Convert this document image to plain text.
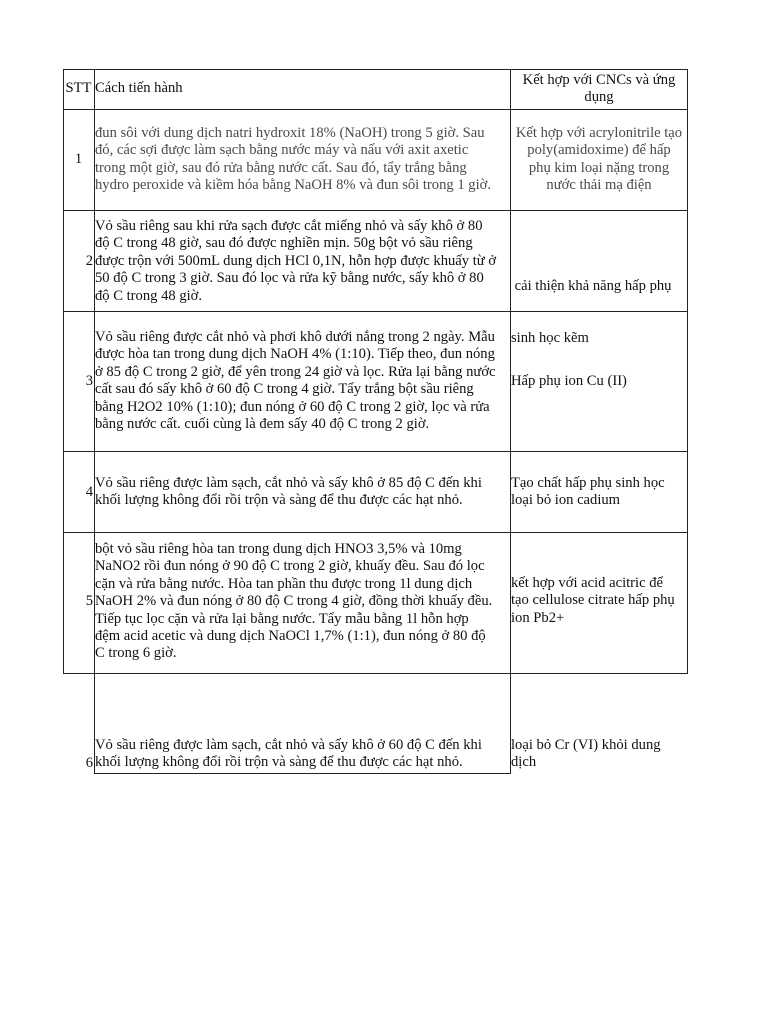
STT Cách tiến hành	Kết hợp với CNCs và ứng
dụng
1
đun sôi với dung dịch natri hydroxit 18% (NaOH) trong 5 giờ. Sau
đó, các sợi được làm sạch bằng nước máy và nấu với axit axetic
trong một giờ, sau đó rửa bằng nước cất. Sau đó, tẩy trắng bằng
hydro peroxide và kiềm hóa bằng NaOH 8% và đun sôi trong 1 giờ.
Kết hợp với acrylonitrile tạo
poly(amidoxime) để hấp
phụ kim loại nặng trong
nước thải mạ điện
2
Vỏ sầu riêng sau khi rửa sạch được cắt miếng nhỏ và sấy khô ở 80
độ C trong 48 giờ, sau đó được nghiền mịn. 50g bột vỏ sầu riêng
được trộn với 500mL dung dịch HCl 0,1N, hỗn hợp được khuấy từ ở
50 độ C trong 3 giờ. Sau đó lọc và rửa kỹ bằng nước, sấy khô ở 80
độ C trong 48 giờ.

cải thiện khả năng hấp phụ

sinh học kẽm

3
Vỏ sầu riêng được cắt nhỏ và phơi khô dưới nắng trong 2 ngày. Mẫu
được hòa tan trong dung dịch NaOH 4% (1:10). Tiếp theo, đun nóng
ở 85 độ C trong 2 giờ, để yên trong 24 giờ và lọc. Rửa lại bằng nước
cất sau đó sấy khô ở 60 độ C trong 4 giờ. Tẩy trắng bột sầu riêng
bằng H2O2 10% (1:10); đun nóng ở 60 độ C trong 2 giờ, lọc và rửa
bằng nước cất. cuối cùng là đem sấy 40 độ C trong 2 giờ.
Hấp phụ ion Cu (II)
4
Vỏ sầu riêng được làm sạch, cắt nhỏ và sấy khô ở 85 độ C đến khi
khối lượng không đổi rồi trộn và sàng để thu được các hạt nhỏ.
Tạo chất hấp phụ sinh học
loại bỏ ion cadium
5
bột vỏ sầu riêng hòa tan trong dung dịch HNO3 3,5% và 10mg
NaNO2 rồi đun nóng ở 90 độ C trong 2 giờ, khuấy đều. Sau đó lọc
cặn và rửa bằng nước. Hòa tan phần thu được trong 1l dung dịch
NaOH 2% và đun nóng ở 80 độ C trong 4 giờ, đồng thời khuấy đều.
Tiếp tục lọc cặn và rửa lại bằng nước. Tẩy mẫu bằng 1l hỗn hợp
đệm acid acetic và dung dịch NaOCl 1,7% (1:1), đun nóng ở 80 độ
C trong 6 giờ.
kết hợp với acid acitric để
tạo cellulose citrate hấp phụ
ion Pb2+
6
Vỏ sầu riêng được làm sạch, cắt nhỏ và sấy khô ở 60 độ C đến khi
khối lượng không đổi rồi trộn và sàng để thu được các hạt nhỏ.
loại bỏ Cr (VI) khỏi dung
dịch
